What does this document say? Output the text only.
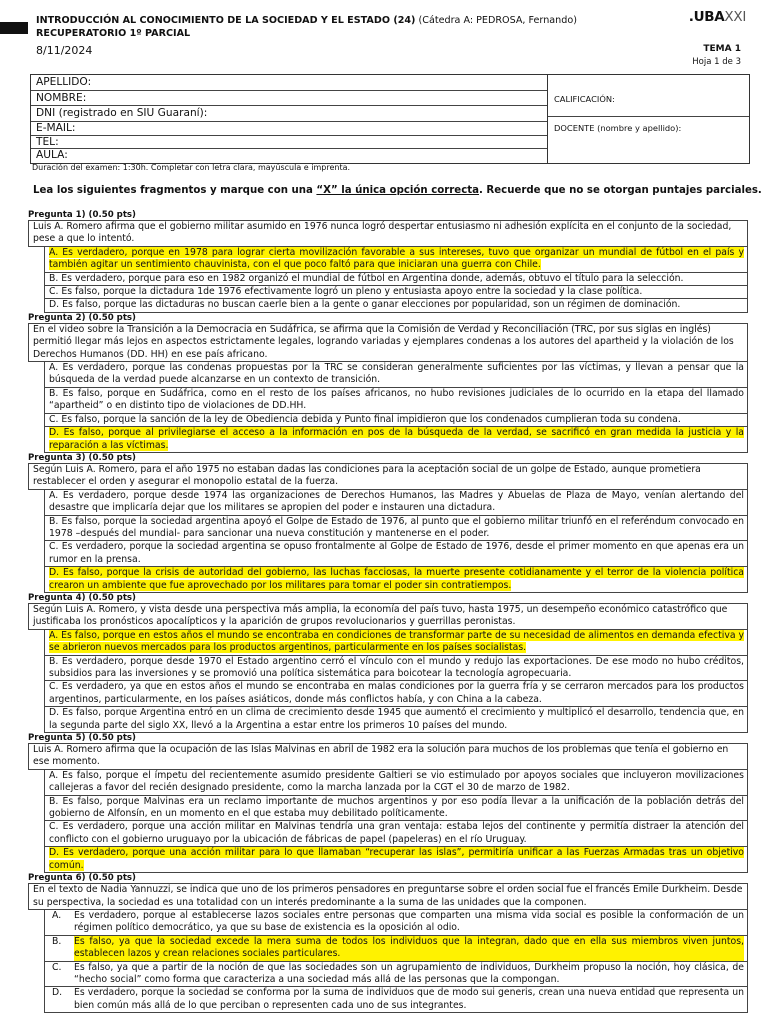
INTRODUCCIÓN AL CONOCIMIENTO DE LA SOCIEDAD Y EL ESTADO (24) (Cátedra A: PEDROSA, Fernando)
RECUPERATORIO 1º PARCIAL
.UBAXXI
8/11/2024	TEMA 1
Hoja 1 de 3
APELLIDO:
NOMBRE:
DNI (registrado en SIU Guaraní):
E-MAIL:
TEL:
AULA:
CALIFICACIÓN:
DOCENTE (nombre y apellido):
Duración del examen: 1:30h. Completar con letra clara, mayúscula e imprenta.
Lea los siguientes fragmentos y marque con una “X” la única opción correcta. Recuerde que no se otorgan puntajes parciales.
Pregunta 1) (0.50 pts)
Luis A. Romero afirma que el gobierno militar asumido en 1976 nunca logró despertar entusiasmo ni adhesión explícita en el conjunto de la sociedad, pese a que lo intentó.
A. Es verdadero, porque en 1978 para lograr cierta movilización favorable a sus intereses, tuvo que organizar un mundial de fútbol en el país y también agitar un sentimiento chauvinista, con el que poco faltó para que iniciaran una guerra con Chile.
B. Es verdadero, porque para eso en 1982 organizó el mundial de fútbol en Argentina donde, además, obtuvo el título para la selección.
C. Es falso, porque la dictadura 1de 1976 efectivamente logró un pleno y entusiasta apoyo entre la sociedad y la clase política.
D. Es falso, porque las dictaduras no buscan caerle bien a la gente o ganar elecciones por popularidad, son un régimen de dominación.
Pregunta 2) (0.50 pts)
En el video sobre la Transición a la Democracia en Sudáfrica, se afirma que la Comisión de Verdad y Reconciliación (TRC, por sus siglas en inglés) permitió llegar más lejos en aspectos estrictamente legales, logrando variadas y ejemplares condenas a los autores del apartheid y la violación de los Derechos Humanos (DD. HH) en ese país africano.
A. Es verdadero, porque las condenas propuestas por la TRC se consideran generalmente suficientes por las víctimas, y llevan a pensar que la búsqueda de la verdad puede alcanzarse en un contexto de transición.
B. Es falso, porque en Sudáfrica, como en el resto de los países africanos, no hubo revisiones judiciales de lo ocurrido en la etapa del llamado “apartheid” o en distinto tipo de violaciones de DD.HH.
C. Es falso, porque la sanción de la ley de Obediencia debida y Punto final impidieron que los condenados cumplieran toda su condena.
D. Es falso, porque al privilegiarse el acceso a la información en pos de la búsqueda de la verdad, se sacrificó en gran medida la justicia y la reparación a las víctimas.
Pregunta 3) (0.50 pts)
Según Luis A. Romero, para el año 1975 no estaban dadas las condiciones para la aceptación social de un golpe de Estado, aunque prometiera restablecer el orden y asegurar el monopolio estatal de la fuerza.
A. Es verdadero, porque desde 1974 las organizaciones de Derechos Humanos, las Madres y Abuelas de Plaza de Mayo, venían alertando del desastre que implicaría dejar que los militares se apropien del poder e instauren una dictadura.
B. Es falso, porque la sociedad argentina apoyó el Golpe de Estado de 1976, al punto que el gobierno militar triunfó en el referéndum convocado en 1978 –después del mundial- para sancionar una nueva constitución y mantenerse en el poder.
C. Es verdadero, porque la sociedad argentina se opuso frontalmente al Golpe de Estado de 1976, desde el primer momento en que apenas era un rumor en la prensa.
D. Es falso, porque la crisis de autoridad del gobierno, las luchas facciosas, la muerte presente cotidianamente y el terror de la violencia política crearon un ambiente que fue aprovechado por los militares para tomar el poder sin contratiempos.
Pregunta 4) (0.50 pts)
Según Luis A. Romero, y vista desde una perspectiva más amplia, la economía del país tuvo, hasta 1975, un desempeño económico catastrófico que justificaba los pronósticos apocalípticos y la aparición de grupos revolucionarios y guerrillas peronistas.
A. Es falso, porque en estos años el mundo se encontraba en condiciones de transformar parte de su necesidad de alimentos en demanda efectiva y se abrieron nuevos mercados para los productos argentinos, particularmente en los países socialistas.
B. Es verdadero, porque desde 1970 el Estado argentino cerró el vínculo con el mundo y redujo las exportaciones. De ese modo no hubo créditos, subsidios para las inversiones y se promovió una política sistemática para boicotear la tecnología agropecuaria.
C. Es verdadero, ya que en estos años el mundo se encontraba en malas condiciones por la guerra fría y se cerraron mercados para los productos argentinos, particularmente, en los países asiáticos, donde más conflictos había, y con China a la cabeza.
D. Es falso, porque Argentina entró en un clima de crecimiento desde 1945 que aumentó el crecimiento y multiplicó el desarrollo, tendencia que, en la segunda parte del siglo XX, llevó a la Argentina a estar entre los primeros 10 países del mundo.
Pregunta 5) (0.50 pts)
Luis A. Romero afirma que la ocupación de las Islas Malvinas en abril de 1982 era la solución para muchos de los problemas que tenía el gobierno en ese momento.
A. Es falso, porque el ímpetu del recientemente asumido presidente Galtieri se vio estimulado por apoyos sociales que incluyeron movilizaciones callejeras a favor del recién designado presidente, como la marcha lanzada por la CGT el 30 de marzo de 1982.
B. Es falso, porque Malvinas era un reclamo importante de muchos argentinos y por eso podía llevar a la unificación de la población detrás del gobierno de Alfonsín, en un momento en el que estaba muy debilitado políticamente.
C. Es verdadero, porque una acción militar en Malvinas tendría una gran ventaja: estaba lejos del continente y permitía distraer la atención del conflicto con el gobierno uruguayo por la ubicación de fábricas de papel (papeleras) en el río Uruguay.
D. Es verdadero, porque una acción militar para lo que llamaban “recuperar las islas”, permitiría unificar a las Fuerzas Armadas tras un objetivo común.
Pregunta 6) (0.50 pts)
En el texto de Nadia Yannuzzi, se indica que uno de los primeros pensadores en preguntarse sobre el orden social fue el francés Emile Durkheim. Desde su perspectiva, la sociedad es una totalidad con un interés predominante a la suma de las unidades que la componen.
A.	Es verdadero, porque al establecerse lazos sociales entre personas que comparten una misma vida social es posible la conformación de un régimen político democrático, ya que su base de existencia es la oposición al odio.
B.	Es falso, ya que la sociedad excede la mera suma de todos los individuos que la integran, dado que en ella sus miembros viven juntos, establecen lazos y crean relaciones sociales particulares.
C.	Es falso, ya que a partir de la noción de que las sociedades son un agrupamiento de individuos, Durkheim propuso la noción, hoy clásica, de “hecho social” como forma que caracteriza a una sociedad más allá de las personas que la compongan.
D.	Es verdadero, porque la sociedad se conforma por la suma de individuos que de modo sui generis, crean una nueva entidad que representa un bien común más allá de lo que perciban o representen cada uno de sus integrantes.
